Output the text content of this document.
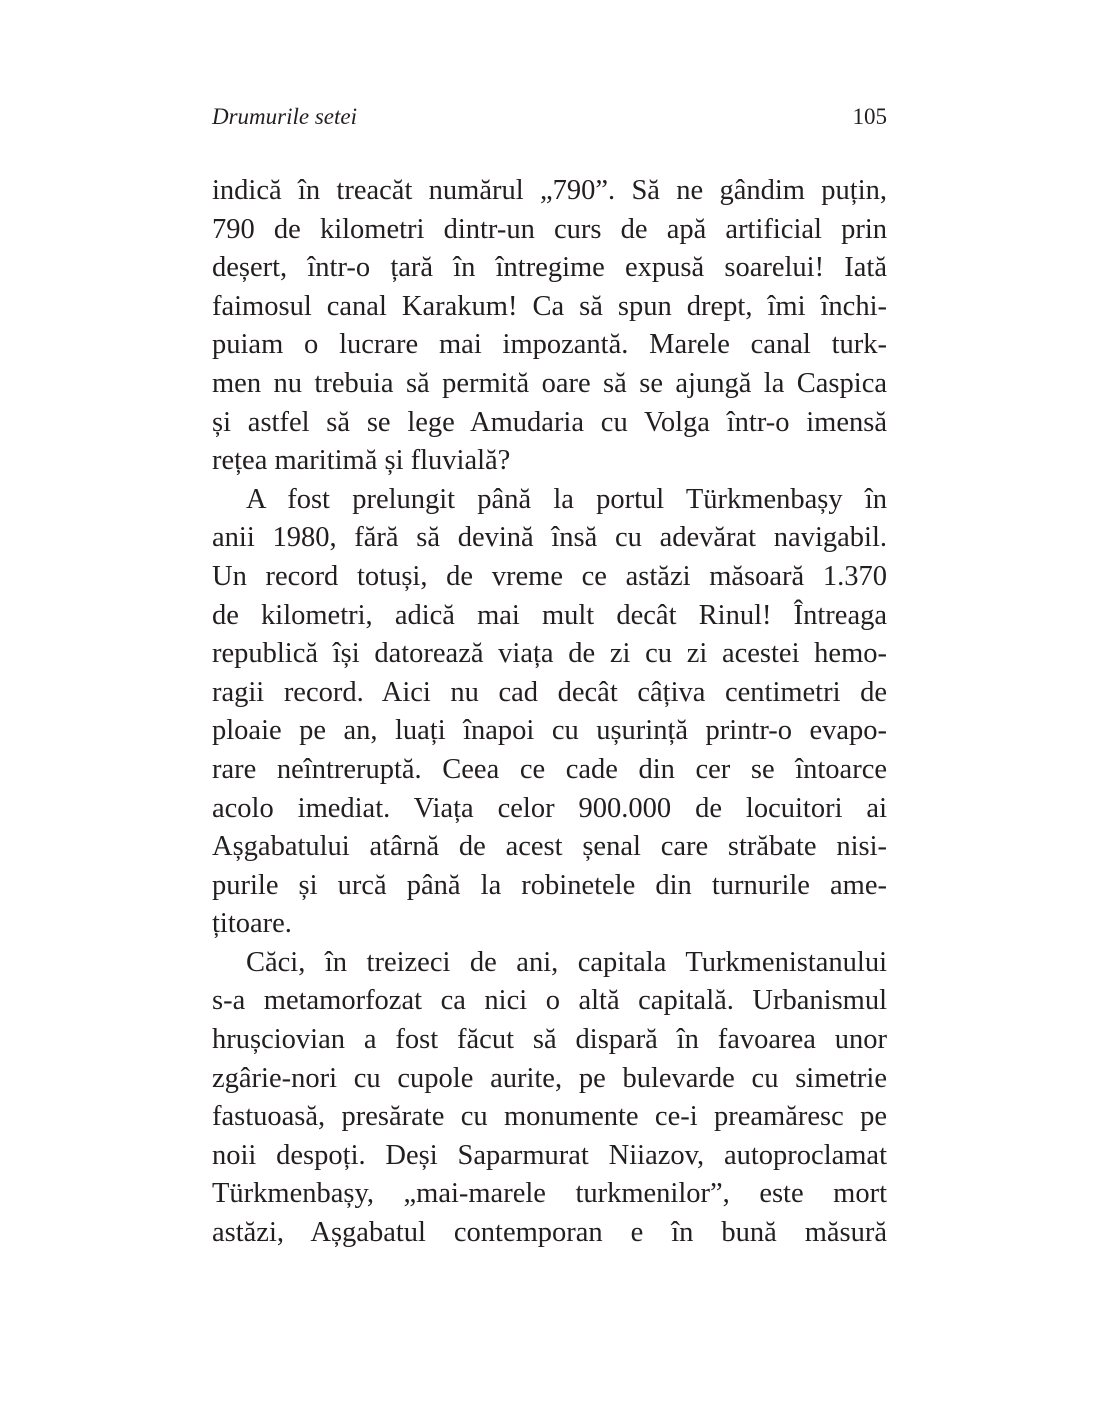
Drumurile setei	105
indică în treacăt numărul „790”. Să ne gândim puțin,
790 de kilometri dintr-un curs de apă artificial prin
deșert, într-o țară în întregime expusă soarelui! Iată
faimosul canal Karakum! Ca să spun drept, îmi închi-
puiam o lucrare mai impozantă. Marele canal turk-
men nu trebuia să permită oare să se ajungă la Caspica
și astfel să se lege Amudaria cu Volga într-o imensă
rețea maritimă și fluvială?
A fost prelungit până la portul Türkmenbașy în
anii 1980, fără să devină însă cu adevărat navigabil.
Un record totuși, de vreme ce astăzi măsoară 1.370
de kilometri, adică mai mult decât Rinul! Întreaga
republică își datorează viața de zi cu zi acestei hemo-
ragii record. Aici nu cad decât câțiva centimetri de
ploaie pe an, luați înapoi cu ușurință printr-o evapo-
rare neîntreruptă. Ceea ce cade din cer se întoarce
acolo imediat. Viața celor 900.000 de locuitori ai
Așgabatului atârnă de acest șenal care străbate nisi-
purile și urcă până la robinetele din turnurile ame-
țitoare.
Căci, în treizeci de ani, capitala Turkmenistanului
s-a metamorfozat ca nici o altă capitală. Urbanismul
hrușciovian a fost făcut să dispară în favoarea unor
zgârie-nori cu cupole aurite, pe bulevarde cu simetrie
fastuoasă, presărate cu monumente ce-i preamăresc pe
noii despoți. Deși Saparmurat Niiazov, autoproclamat
Türkmenbașy, „mai-marele turkmenilor”, este mort
astăzi, Așgabatul contemporan e în bună măsură
